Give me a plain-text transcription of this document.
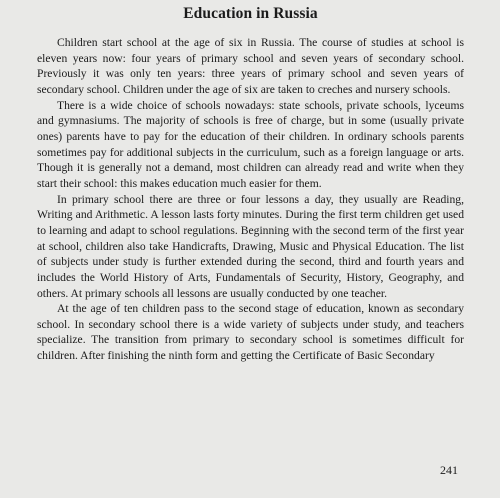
Education in Russia

Children start school at the age of six in Russia. The course of studies at school is eleven years now: four years of primary school and seven years of secondary school. Previously it was only ten years: three years of primary school and seven years of secondary school. Children under the age of six are taken to creches and nursery schools.

There is a wide choice of schools nowadays: state schools, private schools, lyceums and gymnasiums. The majority of schools is free of charge, but in some (usually private ones) parents have to pay for the education of their children. In ordinary schools parents sometimes pay for additional subjects in the curriculum, such as a foreign language or arts. Though it is generally not a demand, most children can already read and write when they start their school: this makes education much easier for them.

In primary school there are three or four lessons a day, they usually are Reading, Writing and Arithmetic. A lesson lasts forty minutes. During the first term children get used to learning and adapt to school regulations. Beginning with the second term of the first year at school, children also take Handicrafts, Drawing, Music and Physical Education. The list of subjects under study is further extended during the second, third and fourth years and includes the World History of Arts, Fundamentals of Security, History, Geography, and others. At primary schools all lessons are usually conducted by one teacher.

At the age of ten children pass to the second stage of education, known as secondary school. In secondary school there is a wide variety of subjects under study, and teachers specialize. The transition from primary to secondary school is sometimes difficult for children. After finishing the ninth form and getting the Certificate of Basic Secondary

241
